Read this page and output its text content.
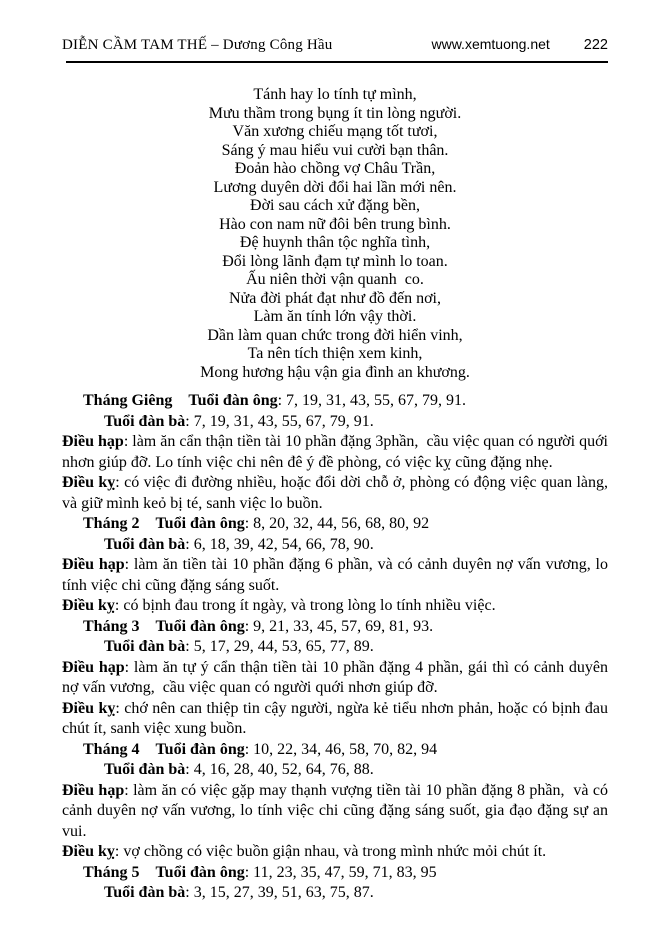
DIỄN CẦM TAM THẾ – Dương Công Hầu	www.xemtuong.net 222
Tánh hay lo tính tự mình,
Mưu thầm trong bụng ít tin lòng người.
Văn xương chiếu mạng tốt tươi,
Sáng ý mau hiểu vui cười bạn thân.
Đoản hào chồng vợ Châu Trần,
Lương duyên dời đổi hai lần mới nên.
Đời sau cách xử đặng bền,
Hào con nam nữ đôi bên trung bình.
Đệ huynh thân tộc nghĩa tình,
Đổi lòng lãnh đạm tự mình lo toan.
Ấu niên thời vận quanh  co.
Nửa đời phát đạt như đồ đến nơi,
Làm ăn tính lớn vậy thời.
Dần làm quan chức trong đời hiển vinh,
Ta nên tích thiện xem kinh,
Mong hương hậu vận gia đình an khương.
Tháng Giêng Tuổi đàn ông: 7, 19, 31, 43, 55, 67, 79, 91.
Tuổi đàn bà: 7, 19, 31, 43, 55, 67, 79, 91.

Điều hạp: làm ăn cẩn thận tiền tài 10 phần đặng 3phần,  cầu việc quan có người quới nhơn giúp đỡ. Lo tính việc chi nên đê ý đề phòng, có việc kỵ cũng đặng nhẹ.

Điều kỵ: có việc đi đường nhiều, hoặc đổi dời chỗ ở, phòng có động việc quan làng, và giữ mình keỏ bị té, sanh việc lo buồn.

Tháng 2 Tuổi đàn ông: 8, 20, 32, 44, 56, 68, 80, 92
Tuổi đàn bà: 6, 18, 39, 42, 54, 66, 78, 90.

Điều hạp: làm ăn tiền tài 10 phần đặng 6 phần, và có cảnh duyên nợ vấn vương, lo tính việc chi cũng đặng sáng suốt.

Điều kỵ: có bịnh đau trong ít ngày, và trong lòng lo tính nhiều việc.

Tháng 3 Tuổi đàn ông: 9, 21, 33, 45, 57, 69, 81, 93.
Tuổi đàn bà: 5, 17, 29, 44, 53, 65, 77, 89.

Điều hạp: làm ăn tự ý cẩn thận tiền tài 10 phần đặng 4 phần, gái thì có cảnh duyên nợ vấn vương,  cầu việc quan có người quới nhơn giúp đỡ.

Điều kỵ: chớ nên can thiệp tin cậy người, ngừa kẻ tiểu nhơn phản, hoặc có bịnh đau chút ít, sanh việc xung buồn.

Tháng 4 Tuổi đàn ông: 10, 22, 34, 46, 58, 70, 82, 94
Tuổi đàn bà: 4, 16, 28, 40, 52, 64, 76, 88.

Điều hạp: làm ăn có việc gặp may thạnh vượng tiền tài 10 phần đặng 8 phần,  và có cảnh duyên nợ vấn vương, lo tính việc chi cũng đặng sáng suốt, gia đạo đặng sự an vui.

Điều kỵ: vợ chồng có việc buồn giận nhau, và trong mình nhức mỏi chút ít.

Tháng 5 Tuổi đàn ông: 11, 23, 35, 47, 59, 71, 83, 95
Tuổi đàn bà: 3, 15, 27, 39, 51, 63, 75, 87.
